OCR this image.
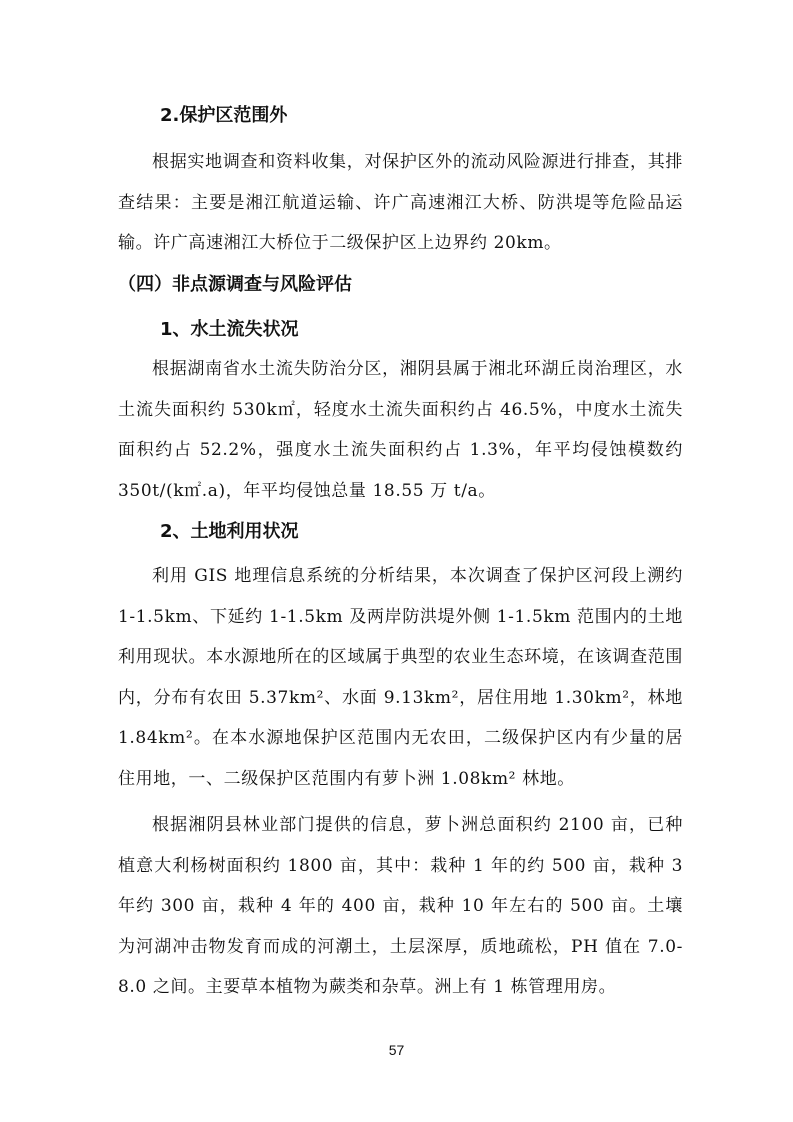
2.保护区范围外

根据实地调查和资料收集，对保护区外的流动风险源进行排查，其排查结果：主要是湘江航道运输、许广高速湘江大桥、防洪堤等危险品运输。许广高速湘江大桥位于二级保护区上边界约 20km。

（四）非点源调查与风险评估
1、水土流失状况

根据湖南省水土流失防治分区，湘阴县属于湘北环湖丘岗治理区，水土流失面积约 530k㎡，轻度水土流失面积约占 46.5%，中度水土流失面积约占 52.2%，强度水土流失面积约占 1.3%，年平均侵蚀模数约 350t/(k㎡.a)，年平均侵蚀总量 18.55 万 t/a。

2、土地利用状况

利用 GIS 地理信息系统的分析结果，本次调查了保护区河段上溯约 1-1.5km、下延约 1-1.5km 及两岸防洪堤外侧 1-1.5km 范围内的土地利用现状。本水源地所在的区域属于典型的农业生态环境，在该调查范围内，分布有农田 5.37km²、水面 9.13km²，居住用地 1.30km²，林地 1.84km²。在本水源地保护区范围内无农田，二级保护区内有少量的居住用地，一、二级保护区范围内有萝卜洲 1.08km² 林地。

根据湘阴县林业部门提供的信息，萝卜洲总面积约 2100 亩，已种植意大利杨树面积约 1800 亩，其中：栽种 1 年的约 500 亩，栽种 3 年约 300 亩，栽种 4 年的 400 亩，栽种 10 年左右的 500 亩。土壤为河湖冲击物发育而成的河潮土，土层深厚，质地疏松，PH 值在 7.0-8.0 之间。主要草本植物为蕨类和杂草。洲上有 1 栋管理用房。

57
